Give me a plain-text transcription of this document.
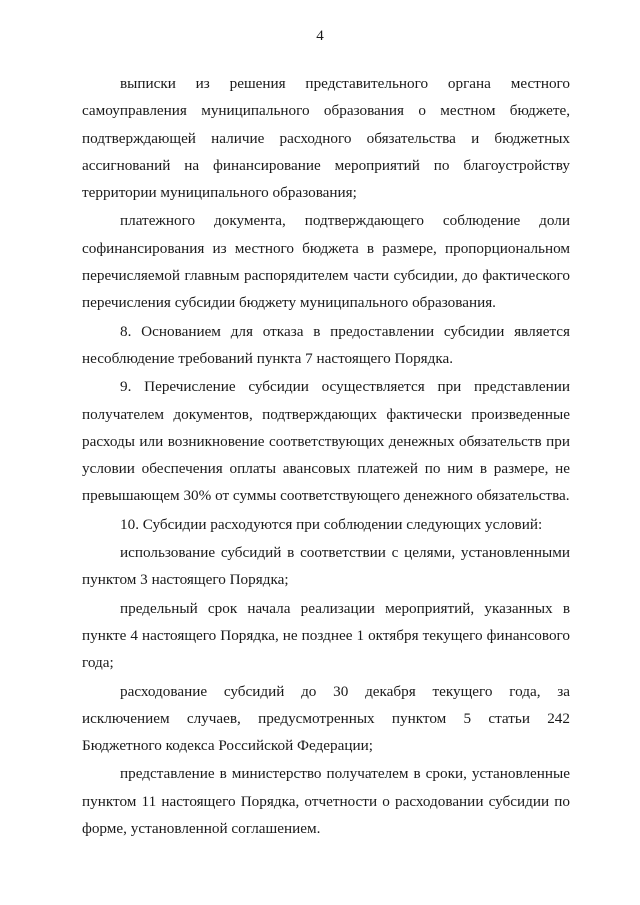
4

выписки из решения представительного органа местного самоуправления муниципального образования о местном бюджете, подтверждающей наличие расходного обязательства и бюджетных ассигнований на финансирование мероприятий по благоустройству территории муниципального образования;

платежного документа, подтверждающего соблюдение доли софинансирования из местного бюджета в размере, пропорциональном перечисляемой главным распорядителем части субсидии, до фактического перечисления субсидии бюджету муниципального образования.

8. Основанием для отказа в предоставлении субсидии является несоблюдение требований пункта 7 настоящего Порядка.

9. Перечисление субсидии осуществляется при представлении получателем документов, подтверждающих фактически произведенные расходы или возникновение соответствующих денежных обязательств при условии обеспечения оплаты авансовых платежей по ним в размере, не превышающем 30% от суммы соответствующего денежного обязательства.

10. Субсидии расходуются при соблюдении следующих условий:

использование субсидий в соответствии с целями, установленными пунктом 3 настоящего Порядка;

предельный срок начала реализации мероприятий, указанных в пункте 4 настоящего Порядка, не позднее 1 октября текущего финансового года;

расходование субсидий до 30 декабря текущего года, за исключением случаев, предусмотренных пунктом 5 статьи 242 Бюджетного кодекса Российской Федерации;

представление в министерство получателем в сроки, установленные пунктом 11 настоящего Порядка, отчетности о расходовании субсидии по форме, установленной соглашением.
